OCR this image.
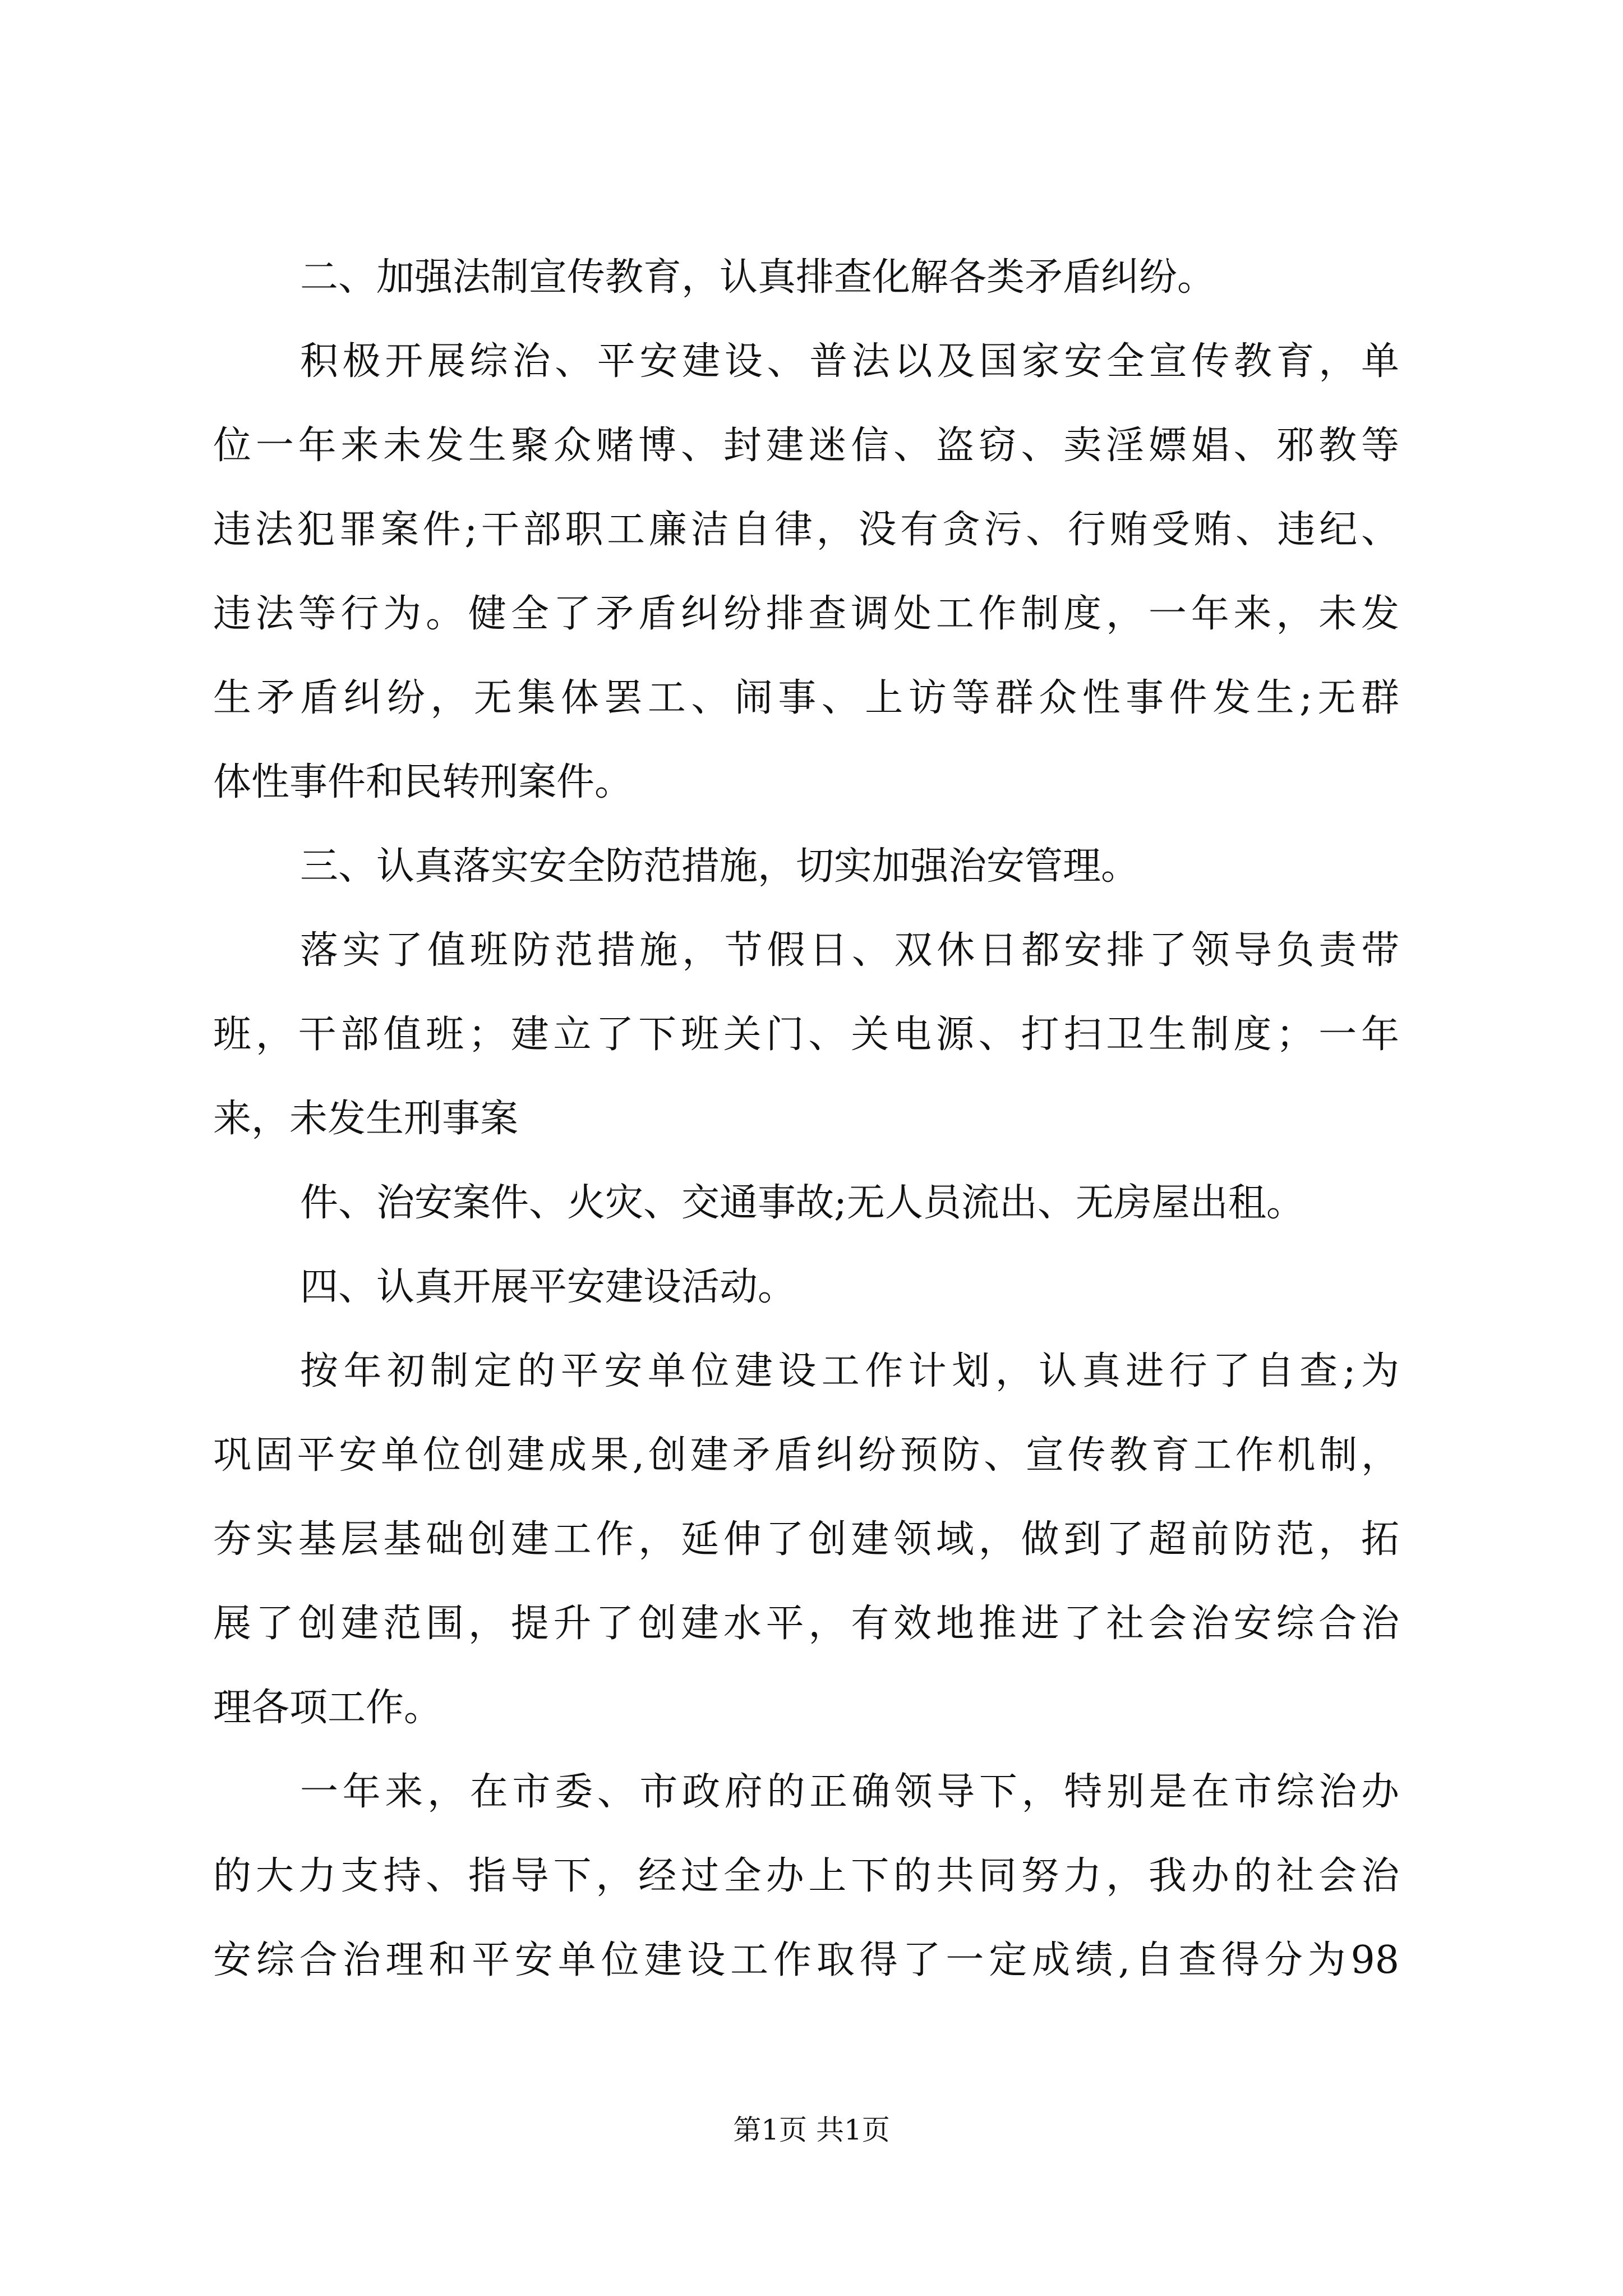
二、加强法制宣传教育，认真排查化解各类矛盾纠纷。

积极开展综治、平安建设、普法以及国家安全宣传教育，单

位一年来未发生聚众赌博、封建迷信、盗窃、卖淫嫖娼、邪教等

违法犯罪案件;干部职工廉洁自律，没有贪污、行贿受贿、违纪、

违法等行为。健全了矛盾纠纷排查调处工作制度，一年来，未发

生矛盾纠纷，无集体罢工、闹事、上访等群众性事件发生;无群

体性事件和民转刑案件。

三、认真落实安全防范措施，切实加强治安管理。

落实了值班防范措施，节假日、双休日都安排了领导负责带

班，干部值班；建立了下班关门、关电源、打扫卫生制度；一年

来，未发生刑事案

件、治安案件、火灾、交通事故;无人员流出、无房屋出租。

四、认真开展平安建设活动。

按年初制定的平安单位建设工作计划，认真进行了自查;为

巩固平安单位创建成果,创建矛盾纠纷预防、宣传教育工作机制，

夯实基层基础创建工作，延伸了创建领域，做到了超前防范，拓

展了创建范围，提升了创建水平，有效地推进了社会治安综合治

理各项工作。

一年来，在市委、市政府的正确领导下，特别是在市综治办

的大力支持、指导下，经过全办上下的共同努力，我办的社会治

安综合治理和平安单位建设工作取得了一定成绩,自查得分为98

第1页 共1页
